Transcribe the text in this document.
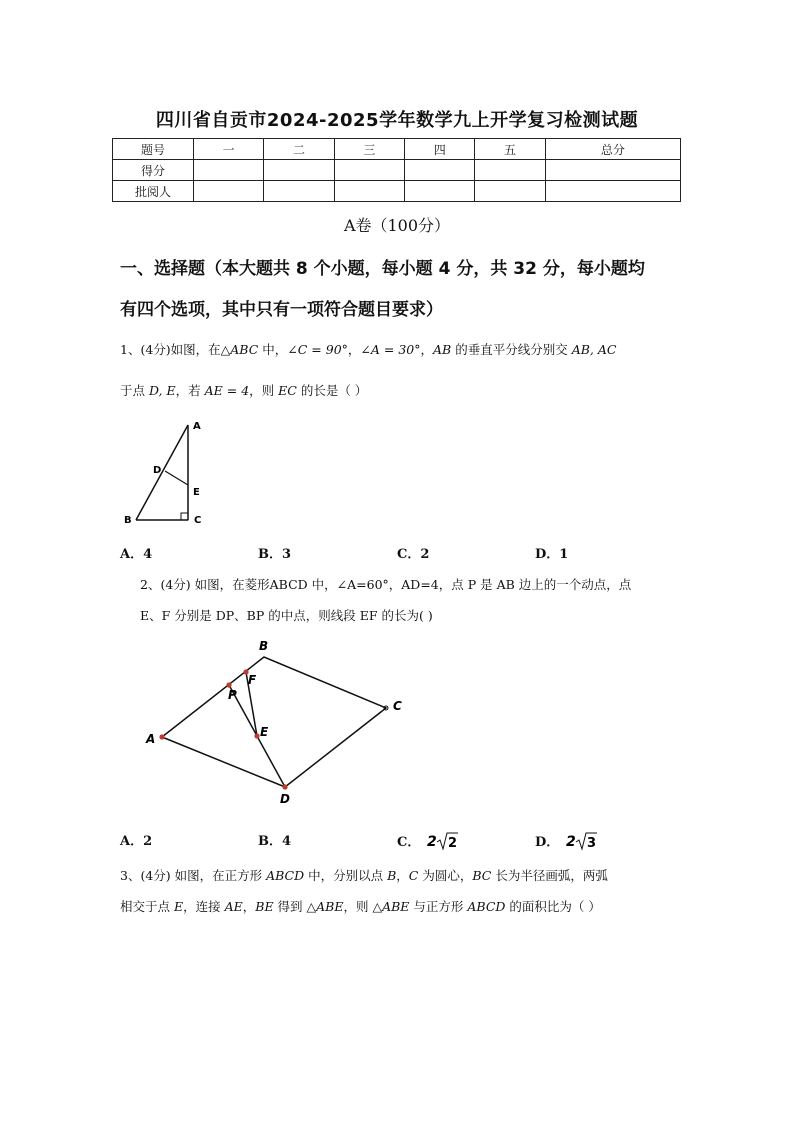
四川省自贡市2024-2025学年数学九上开学复习检测试题
题号	一	二	三	四	五	总分
得分						
批阅人						
A卷（100分）
一、选择题（本大题共 8 个小题，每小题 4 分，共 32 分，每小题均
有四个选项，其中只有一项符合题目要求）
1、(4分)如图，在△ABC 中，∠C = 90°，∠A = 30°，AB 的垂直平分线分别交 AB, AC
于点 D, E，若 AE = 4，则 EC 的长是（ ）
A
D
E
B	C
A．4	B．3	C．2	D．1
2、(4分) 如图，在菱形ABCD 中，∠A=60°，AD=4，点 P 是 AB 边上的一个动点，点
E、F 分别是 DP、BP 的中点，则线段 EF 的长为( )
B
F
P
C
E
A
D
A．2	B．4	C． 2 2	D． 2 3
3、(4分) 如图，在正方形 ABCD 中，分别以点 B，C 为圆心，BC 长为半径画弧，两弧
相交于点 E，连接 AE，BE 得到 △ABE，则 △ABE 与正方形 ABCD 的面积比为（ ）
